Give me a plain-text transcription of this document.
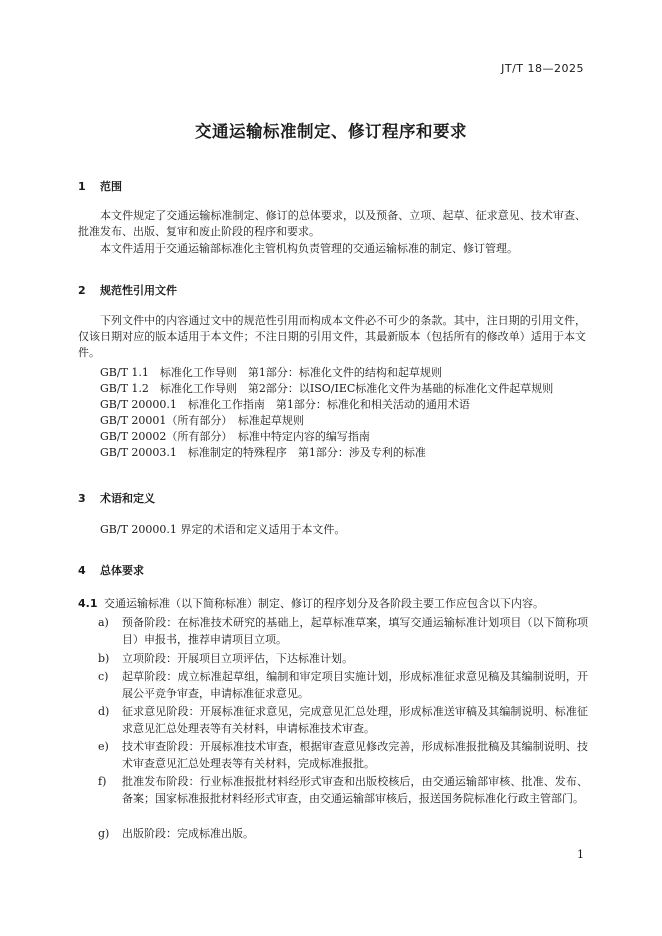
JT/T 18—2025
交通运输标准制定、修订程序和要求
1 范围
本文件规定了交通运输标准制定、修订的总体要求，以及预备、立项、起草、征求意见、技术审查、批准发布、出版、复审和废止阶段的程序和要求。
本文件适用于交通运输部标准化主管机构负责管理的交通运输标准的制定、修订管理。
2 规范性引用文件
下列文件中的内容通过文中的规范性引用而构成本文件必不可少的条款。其中，注日期的引用文件，仅该日期对应的版本适用于本文件；不注日期的引用文件，其最新版本（包括所有的修改单）适用于本文件。
GB/T 1.1　标准化工作导则　第1部分：标准化文件的结构和起草规则
GB/T 1.2　标准化工作导则　第2部分：以ISO/IEC标准化文件为基础的标准化文件起草规则
GB/T 20000.1　标准化工作指南　第1部分：标准化和相关活动的通用术语
GB/T 20001（所有部分）　标准起草规则
GB/T 20002（所有部分）　标准中特定内容的编写指南
GB/T 20003.1　标准制定的特殊程序　第1部分：涉及专利的标准
3 术语和定义
GB/T 20000.1 界定的术语和定义适用于本文件。
4 总体要求
4.1 交通运输标准（以下简称标准）制定、修订的程序划分及各阶段主要工作应包含以下内容。
a)	预备阶段：在标准技术研究的基础上，起草标准草案，填写交通运输标准计划项目（以下简称项目）申报书，推荐申请项目立项。
b)	立项阶段：开展项目立项评估，下达标准计划。
c)	起草阶段：成立标准起草组，编制和审定项目实施计划，形成标准征求意见稿及其编制说明，开展公平竞争审查，申请标准征求意见。
d)	征求意见阶段：开展标准征求意见，完成意见汇总处理，形成标准送审稿及其编制说明、标准征求意见汇总处理表等有关材料，申请标准技术审查。
e)	技术审查阶段：开展标准技术审查，根据审查意见修改完善，形成标准报批稿及其编制说明、技术审查意见汇总处理表等有关材料，完成标准报批。
f)	批准发布阶段：行业标准报批材料经形式审查和出版校核后，由交通运输部审核、批准、发布、备案；国家标准报批材料经形式审查，由交通运输部审核后，报送国务院标准化行政主管部门。
g)	出版阶段：完成标准出版。
1
